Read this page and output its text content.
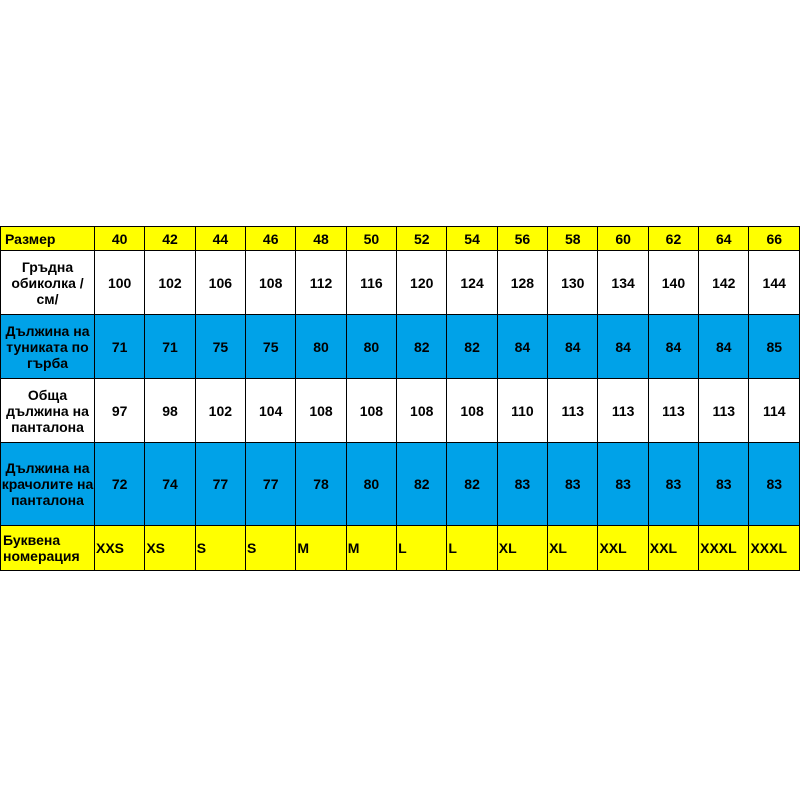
Размер	40	42	44	46	48	50	52	54	56	58	60	62	64	66
Гръдна обиколка /см/	100	102	106	108	112	116	120	124	128	130	134	140	142	144
Дължина на туниката по гърба	71	71	75	75	80	80	82	82	84	84	84	84	84	85
Обща дължина на панталона	97	98	102	104	108	108	108	108	110	113	113	113	113	114
Дължина на крачолите на панталона	72	74	77	77	78	80	82	82	83	83	83	83	83	83
Буквена номерация	XXS	XS	S	S	M	M	L	L	XL	XL	XXL	XXL	XXXL	XXXL
